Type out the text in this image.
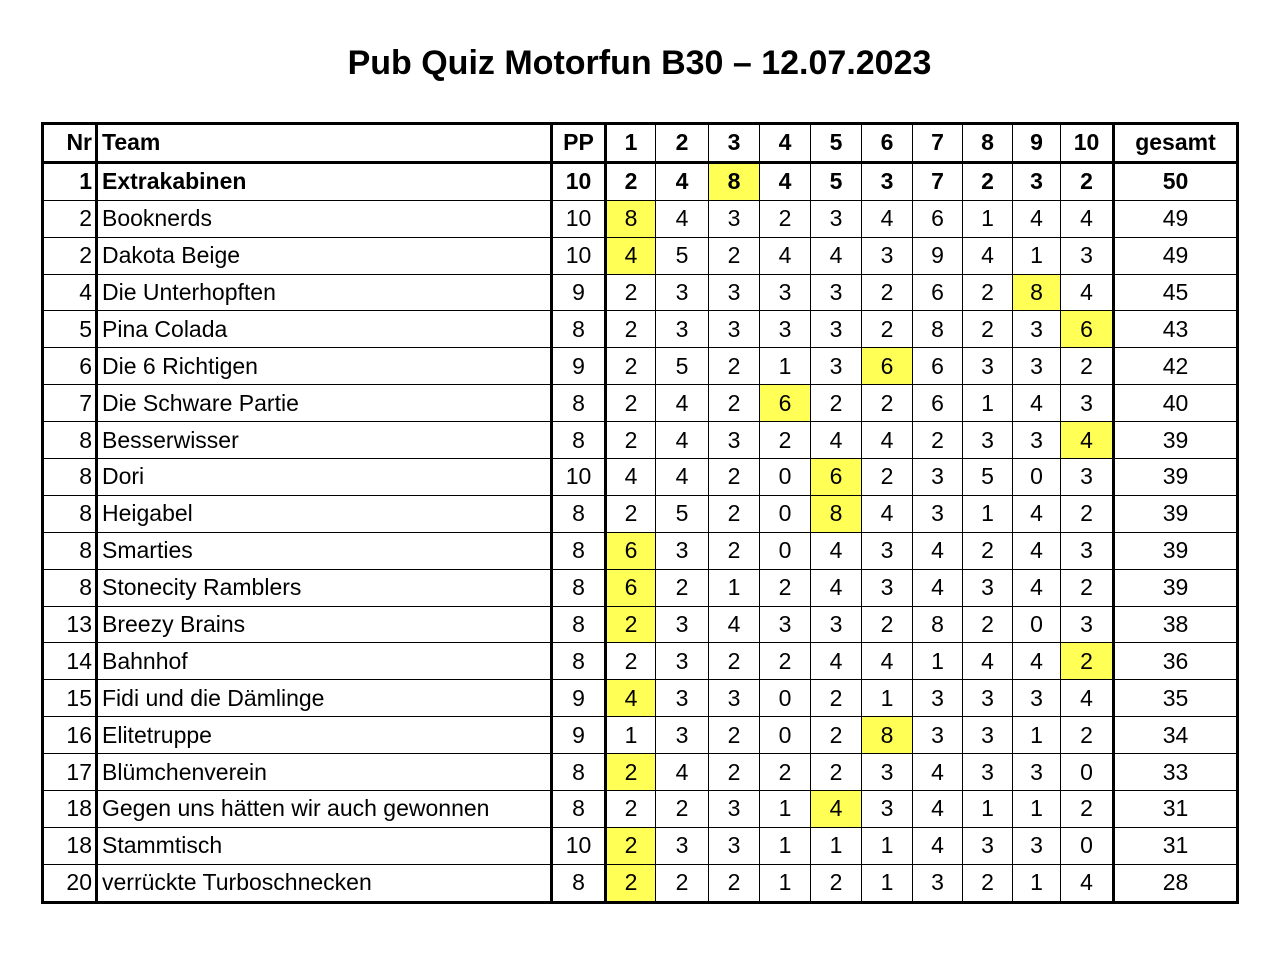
Pub Quiz Motorfun B30 – 12.07.2023
Nr	Team	PP	1	2	3	4	5	6	7	8	9	10	gesamt
1	Extrakabinen	10	2	4	8	4	5	3	7	2	3	2	50
2	Booknerds	10	8	4	3	2	3	4	6	1	4	4	49
2	Dakota Beige	10	4	5	2	4	4	3	9	4	1	3	49
4	Die Unterhopften	9	2	3	3	3	3	2	6	2	8	4	45
5	Pina Colada	8	2	3	3	3	3	2	8	2	3	6	43
6	Die 6 Richtigen	9	2	5	2	1	3	6	6	3	3	2	42
7	Die Schware Partie	8	2	4	2	6	2	2	6	1	4	3	40
8	Besserwisser	8	2	4	3	2	4	4	2	3	3	4	39
8	Dori	10	4	4	2	0	6	2	3	5	0	3	39
8	Heigabel	8	2	5	2	0	8	4	3	1	4	2	39
8	Smarties	8	6	3	2	0	4	3	4	2	4	3	39
8	Stonecity Ramblers	8	6	2	1	2	4	3	4	3	4	2	39
13	Breezy Brains	8	2	3	4	3	3	2	8	2	0	3	38
14	Bahnhof	8	2	3	2	2	4	4	1	4	4	2	36
15	Fidi und die Dämlinge	9	4	3	3	0	2	1	3	3	3	4	35
16	Elitetruppe	9	1	3	2	0	2	8	3	3	1	2	34
17	Blümchenverein	8	2	4	2	2	2	3	4	3	3	0	33
18	Gegen uns hätten wir auch gewonnen	8	2	2	3	1	4	3	4	1	1	2	31
18	Stammtisch	10	2	3	3	1	1	1	4	3	3	0	31
20	verrückte Turboschnecken	8	2	2	2	1	2	1	3	2	1	4	28
